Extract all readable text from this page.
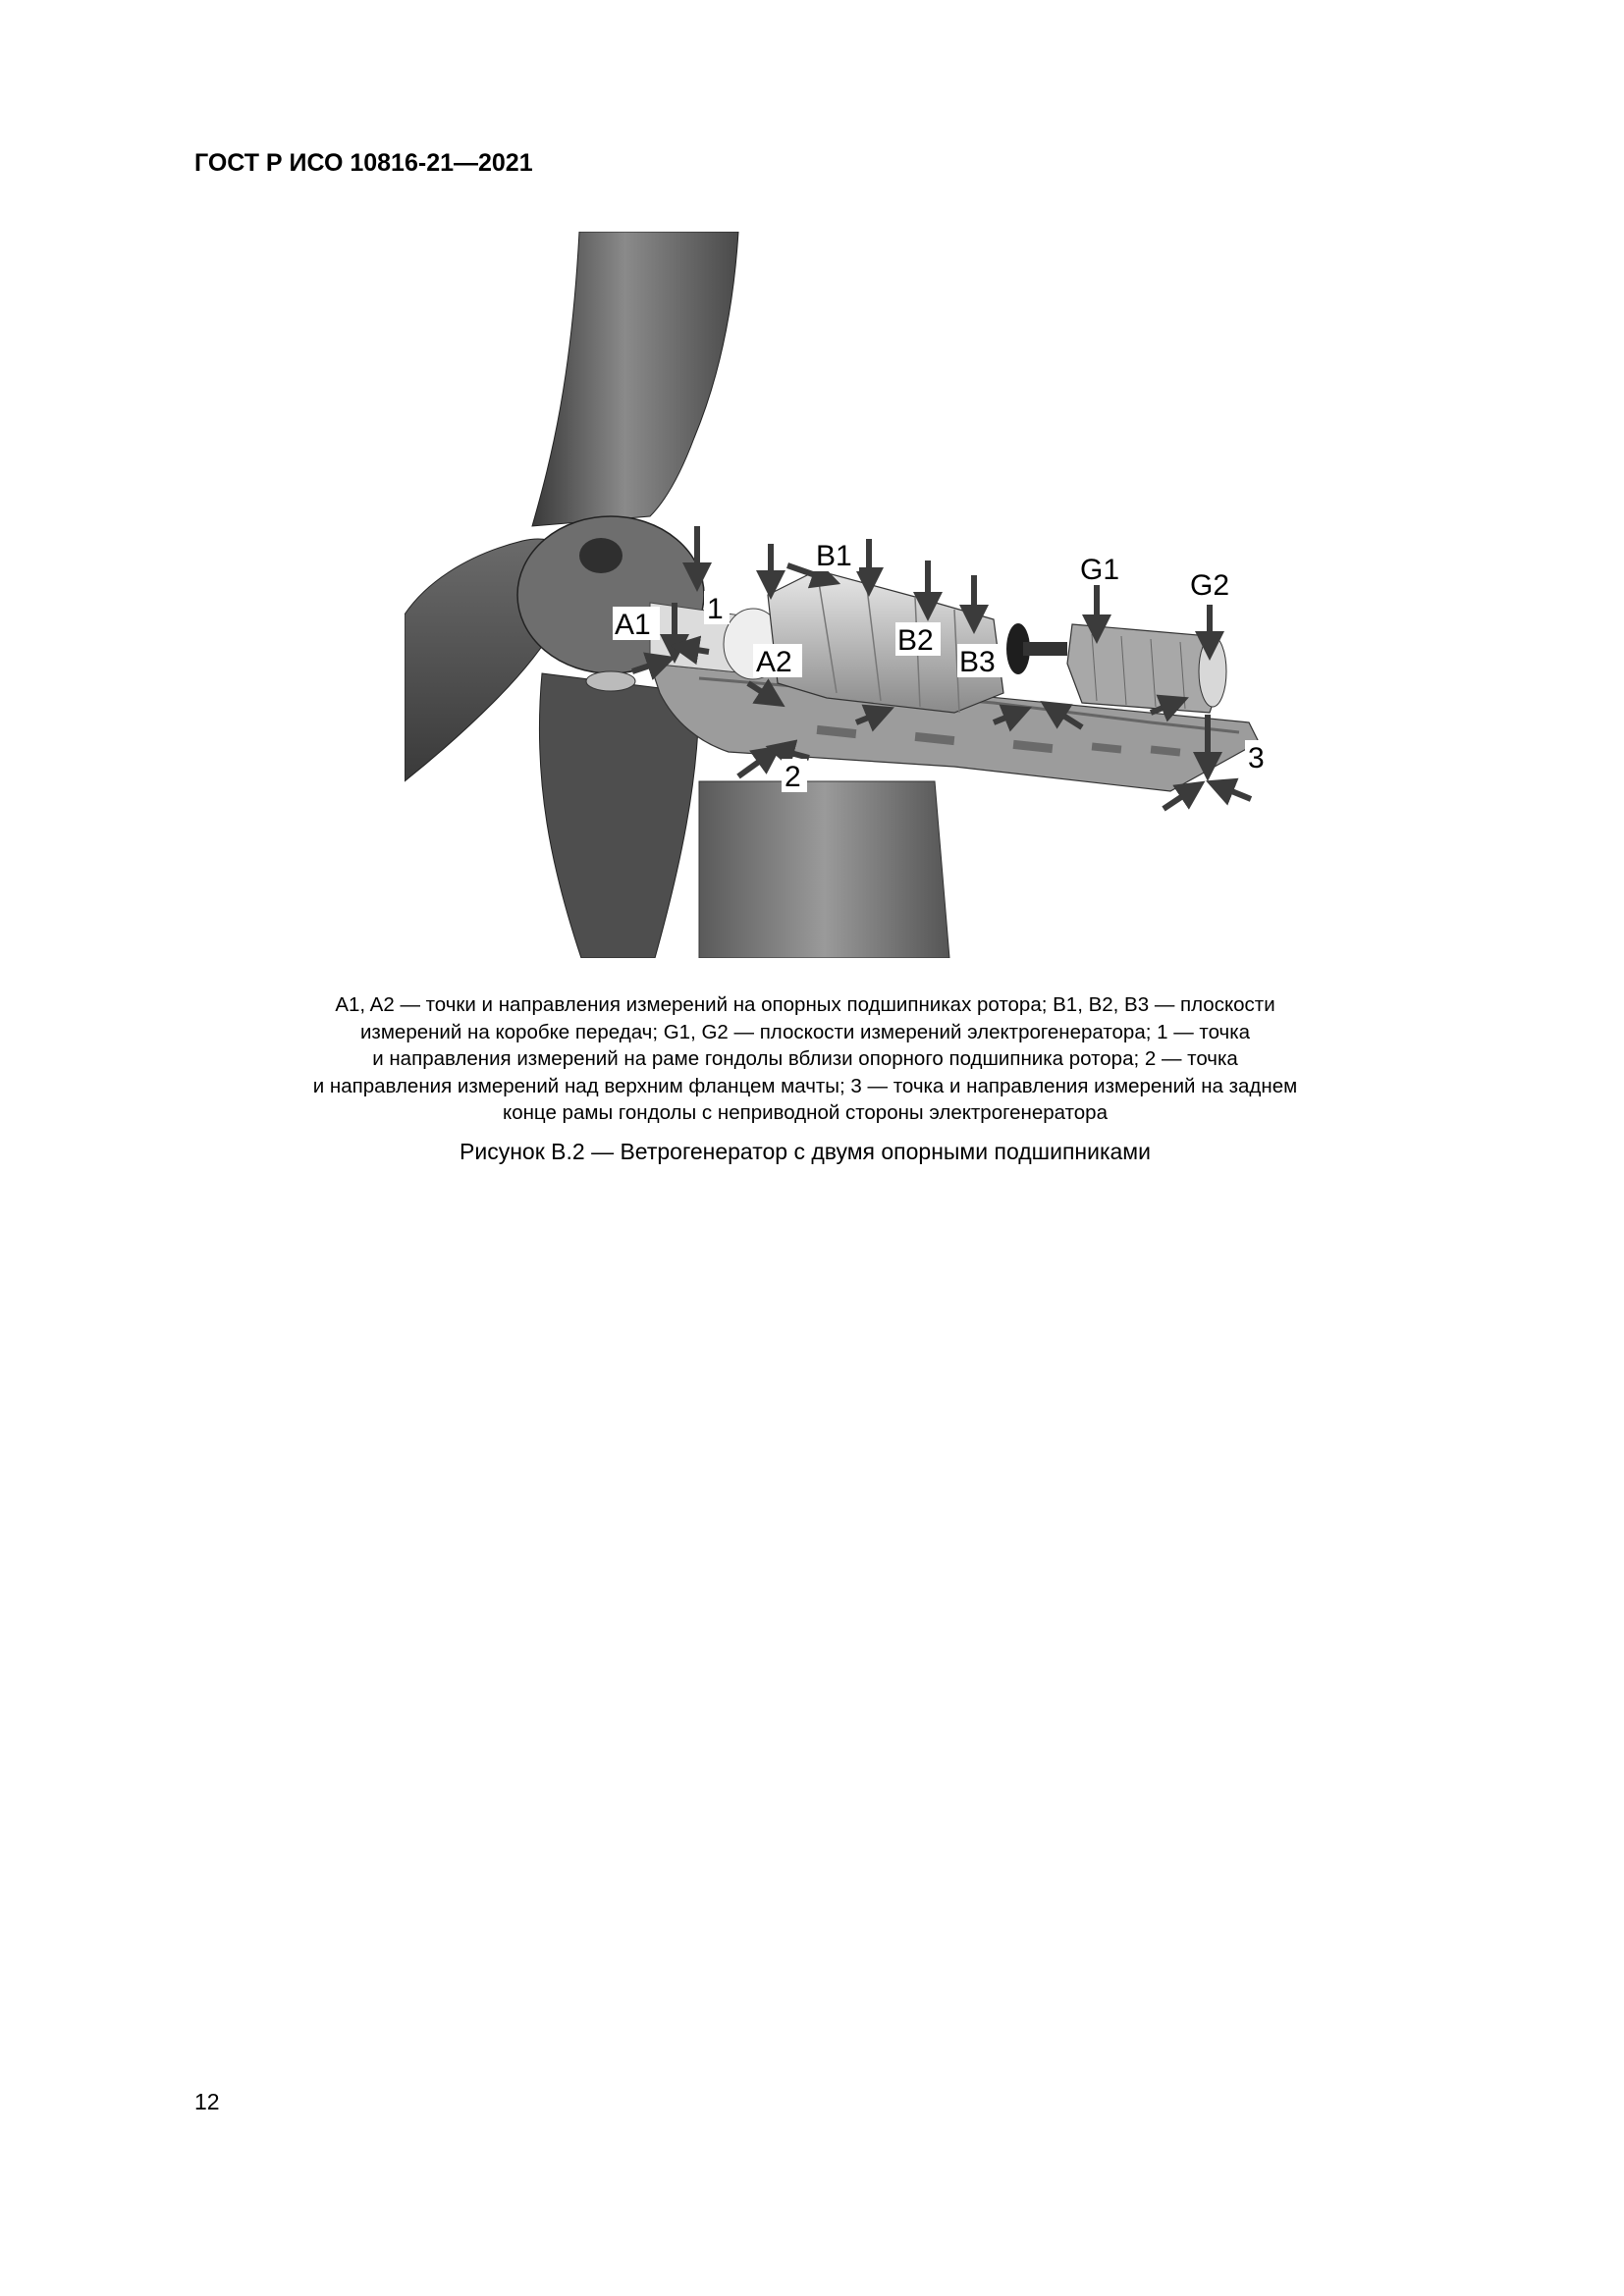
ГОСТ Р ИСО 10816-21—2021
A1 1
A2
B1
B2
B3
G1 G2
2
3
A1, A2 — точки и направления измерений на опорных подшипниках ротора; B1, B2, B3 — плоскости
измерений на коробке передач; G1, G2 — плоскости измерений электрогенератора; 1 — точка
и направления измерений на раме гондолы вблизи опорного подшипника ротора; 2 — точка
и направления измерений над верхним фланцем мачты; 3 — точка и направления измерений на заднем
конце рамы гондолы с неприводной стороны электрогенератора
Рисунок B.2 — Ветрогенератор с двумя опорными подшипниками
12
